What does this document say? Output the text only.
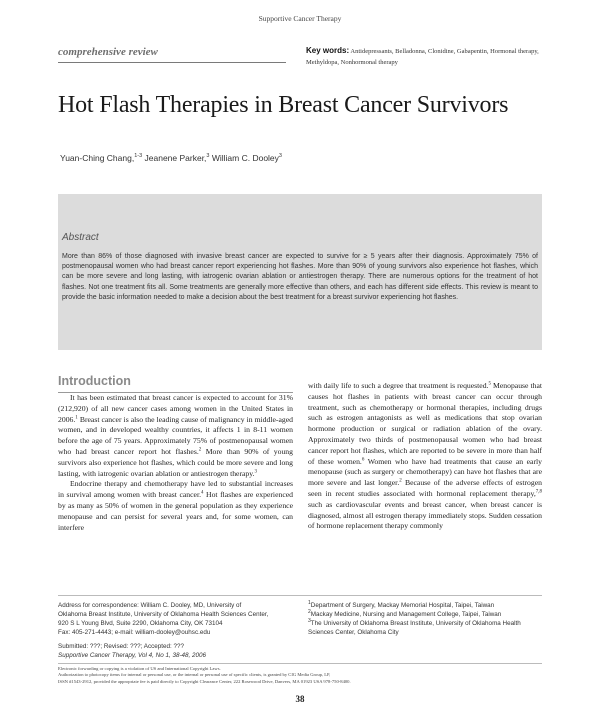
Supportive Cancer Therapy
comprehensive review	Key words: Antidepressants, Belladonna, Clonidine, Gabapentin, Hormonal therapy, Methyldopa, Nonhormonal therapy
Hot Flash Therapies in Breast Cancer Survivors
Yuan-Ching Chang,$^{1-3}$ Jeanene Parker,$^3$ William C. Dooley$^3$
Abstract
More than 86% of those diagnosed with invasive breast cancer are expected to survive for ≥ 5 years after their diagnosis. Approximately 75% of postmenopausal women who had breast cancer report experiencing hot flashes. More than 90% of young survivors also experience hot flashes, which can be more severe and long lasting, with iatrogenic ovarian ablation or antiestrogen therapy. There are numerous options for the treatment of hot flashes. Not one treatment fits all. Some treatments are generally more effective than others, and each has different side effects. This review is meant to provide the basic information needed to make a decision about the best treatment for a breast survivor experiencing hot flashes.
Introduction

It has been estimated that breast cancer is expected to account for 31% (212,920) of all new cancer cases among women in the United States in 2006.$^1$ Breast cancer is also the leading cause of malignancy in middle-aged women, and in developed wealthy countries, it affects 1 in 8-11 women before the age of 75 years. Approximately 75% of postmenopausal women who had breast cancer report hot flashes.$^2$ More than 90% of young survivors also experience hot flashes, which could be more severe and long lasting, with iatrogenic ovarian ablation or antiestrogen therapy.$^3$

Endocrine therapy and chemotherapy have led to substantial increases in survival among women with breast cancer.$^4$ Hot flashes are experienced by as many as 50% of women in the general population as they experience menopause and can persist for several years and, for some women, can interfere

with daily life to such a degree that treatment is requested.$^5$ Menopause that causes hot flashes in patients with breast cancer can occur through treatment, such as chemotherapy or hormonal therapies, including drugs such as estrogen antagonists as well as medications that stop ovarian hormone production or surgical or radiation ablation of the ovary. Approximately two thirds of postmenopausal women who had breast cancer report hot flashes, which are reported to be severe in more than half of these women.$^6$ Women who have had treatments that cause an early menopause (such as surgery or chemotherapy) can have hot flashes that are more severe and last longer.$^2$ Because of the adverse effects of estrogen seen in recent studies associated with hormonal replacement therapy,$^{7,8}$ such as cardiovascular events and breast cancer, when breast cancer is diagnosed, almost all estrogen therapy immediately stops. Sudden cessation of hormone replacement therapy commonly

Address for correspondence: William C. Dooley, MD, University of
Oklahoma Breast Institute, University of Oklahoma Health Sciences Center,
920 S L Young Blvd, Suite 2290, Oklahoma City, OK 73104
Fax: 405-271-4443; e-mail: william-dooley@ouhsc.edu
Submitted: ???; Revised: ???; Accepted: ???
Supportive Cancer Therapy, Vol 4, No 1, 38-48, 2006
$^1$Department of Surgery, Mackay Memorial Hospital, Taipei, Taiwan
$^2$Mackay Medicine, Nursing and Management College, Taipei, Taiwan
$^3$The University of Oklahoma Breast Institute, University of Oklahoma Health Sciences Center, Oklahoma City
Electronic forwarding or copying is a violation of US and International Copyright Laws.
Authorization to photocopy items for internal or personal use, or the internal or personal use of specific clients, is granted by CIG Media Group, LP,
ISSN #1543-2912, provided the appropriate fee is paid directly to Copyright Clearance Center, 222 Rosewood Drive, Danvers, MA 01923 USA 978-750-8400.
38
